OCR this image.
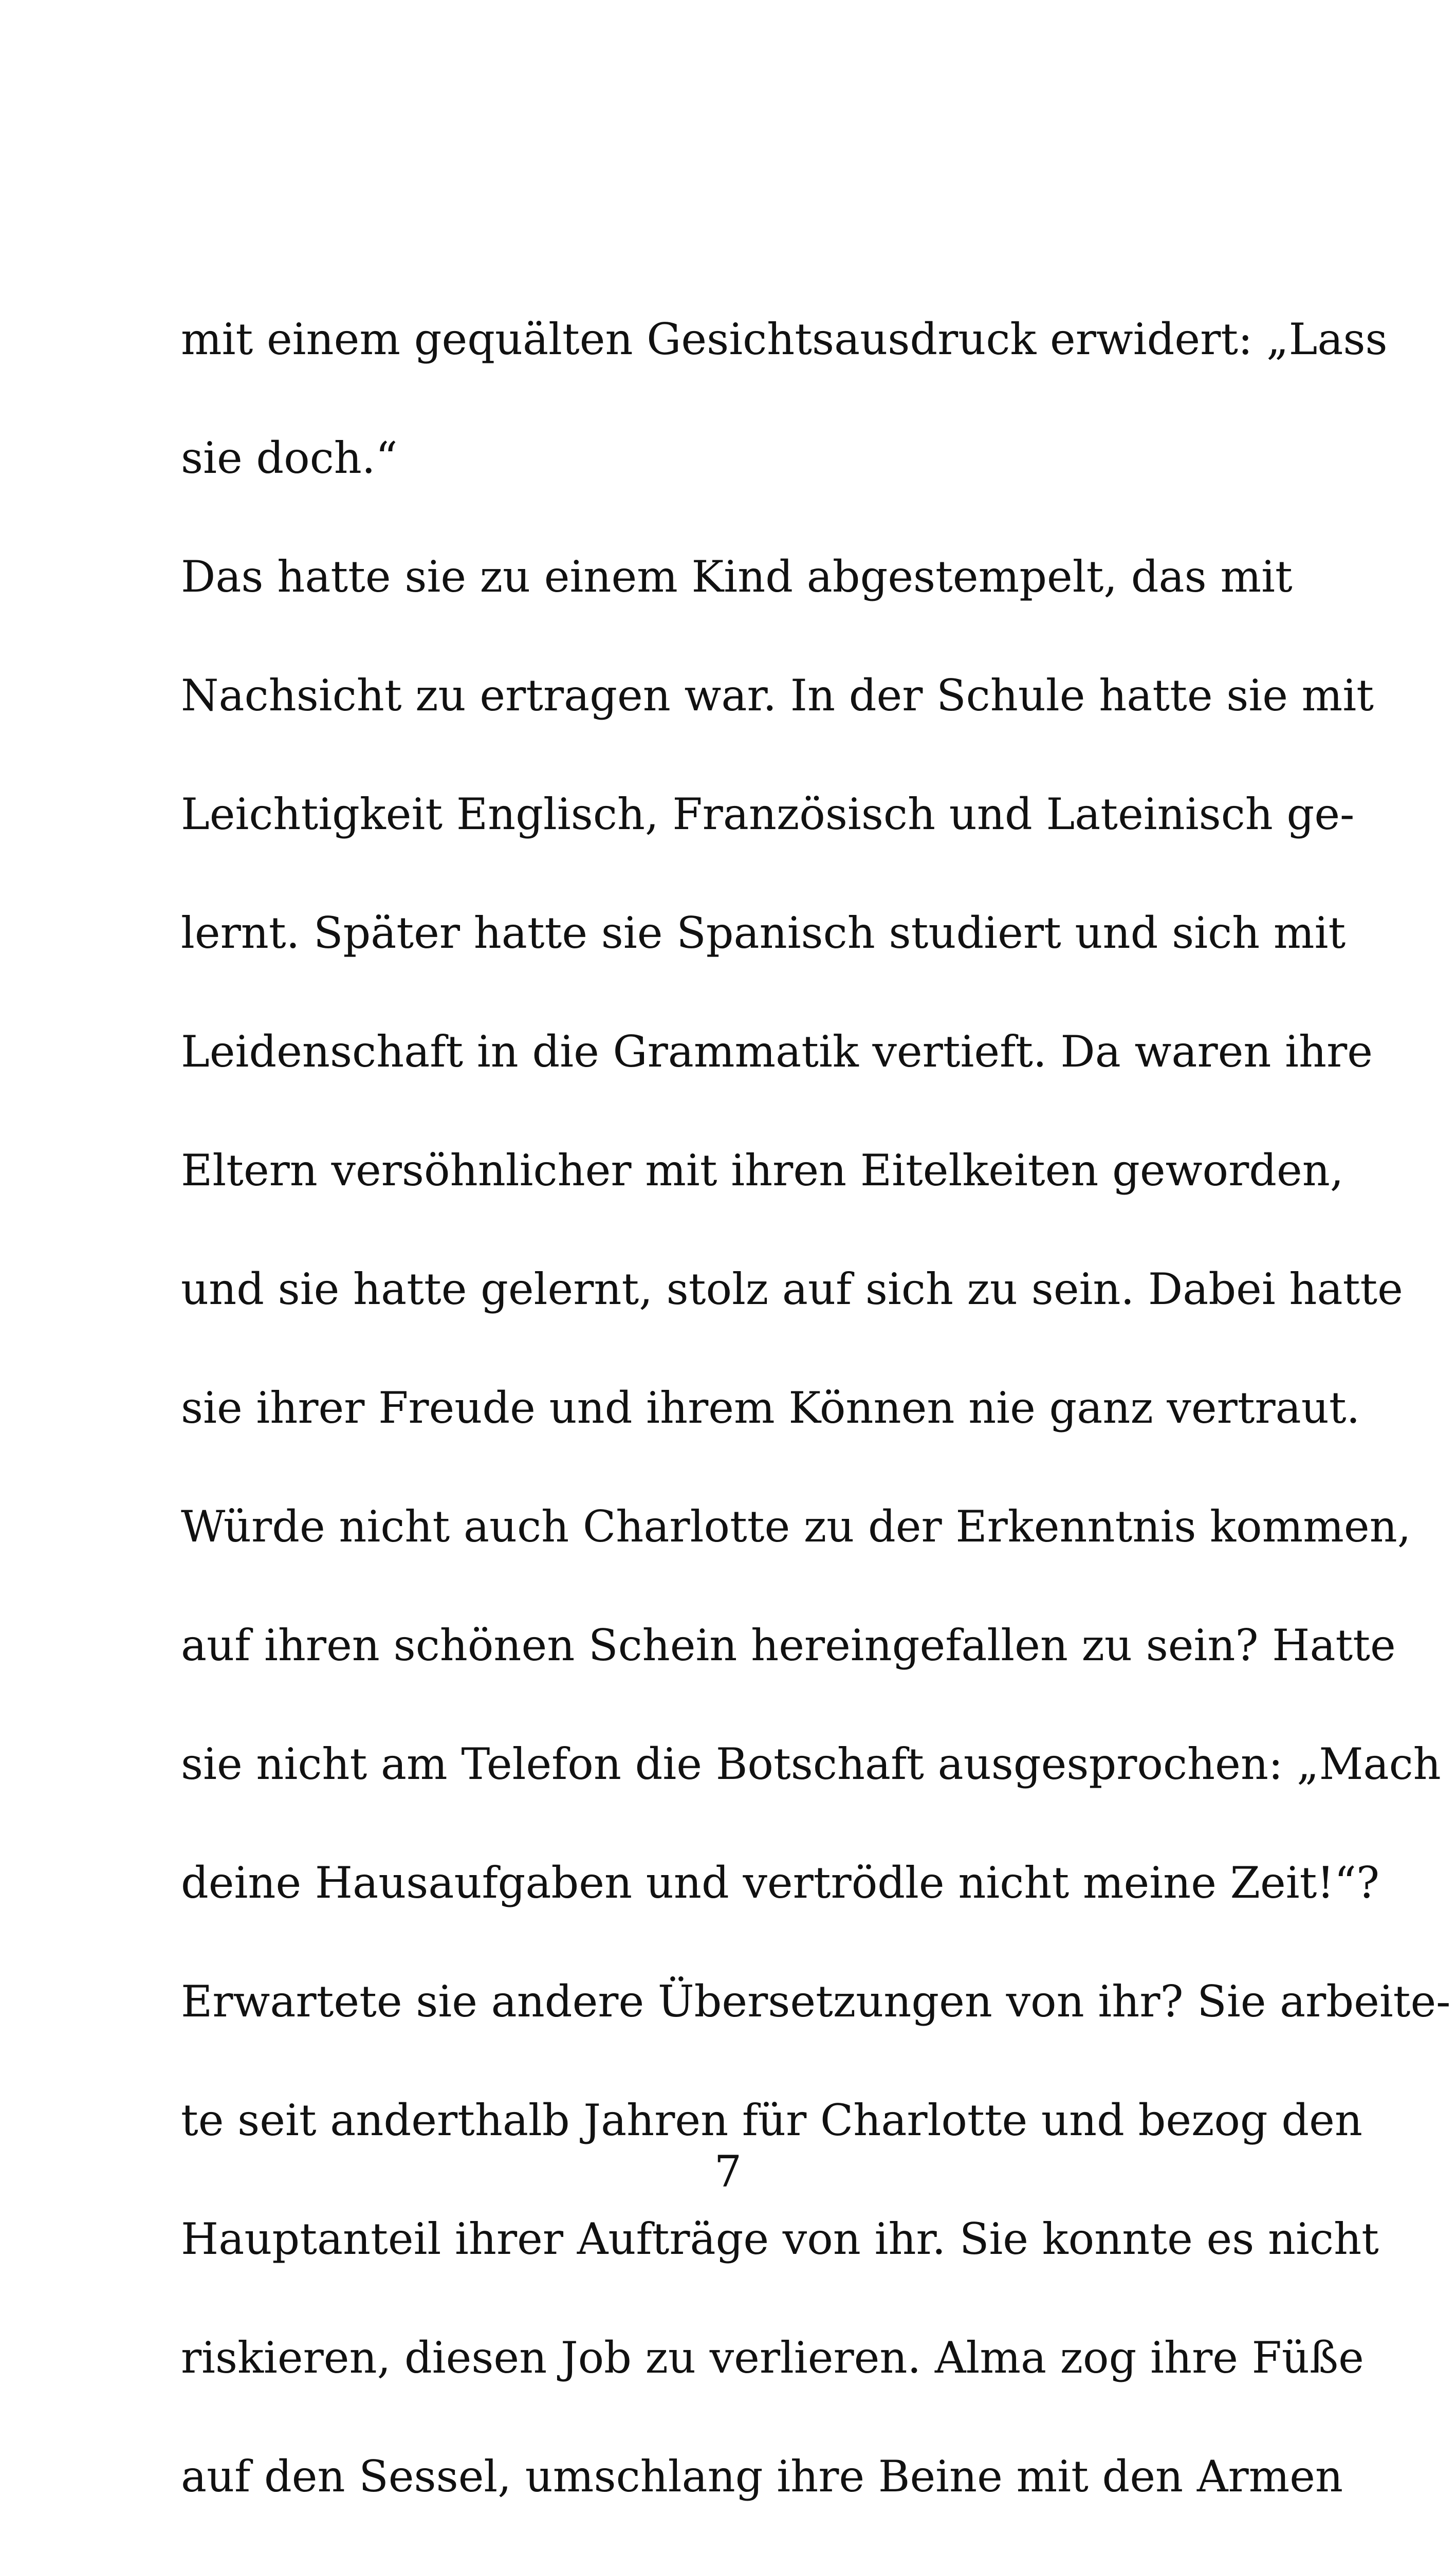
mit einem gequälten Gesichtsausdruck erwidert: „Lass
sie doch.“
Das hatte sie zu einem Kind abgestempelt, das mit
Nachsicht zu ertragen war. In der Schule hatte sie mit
Leichtigkeit Englisch, Französisch und Lateinisch ge-
lernt. Später hatte sie Spanisch studiert und sich mit
Leidenschaft in die Grammatik vertieft. Da waren ihre
Eltern versöhnlicher mit ihren Eitelkeiten geworden,
und sie hatte gelernt, stolz auf sich zu sein. Dabei hatte
sie ihrer Freude und ihrem Können nie ganz vertraut.
Würde nicht auch Charlotte zu der Erkenntnis kommen,
auf ihren schönen Schein hereingefallen zu sein? Hatte
sie nicht am Telefon die Botschaft ausgesprochen: „Mach
deine Hausaufgaben und vertrödle nicht meine Zeit!“?
Erwartete sie andere Übersetzungen von ihr? Sie arbeite-
te seit anderthalb Jahren für Charlotte und bezog den
Hauptanteil ihrer Aufträge von ihr. Sie konnte es nicht
riskieren, diesen Job zu verlieren. Alma zog ihre Füße
auf den Sessel, umschlang ihre Beine mit den Armen
7
